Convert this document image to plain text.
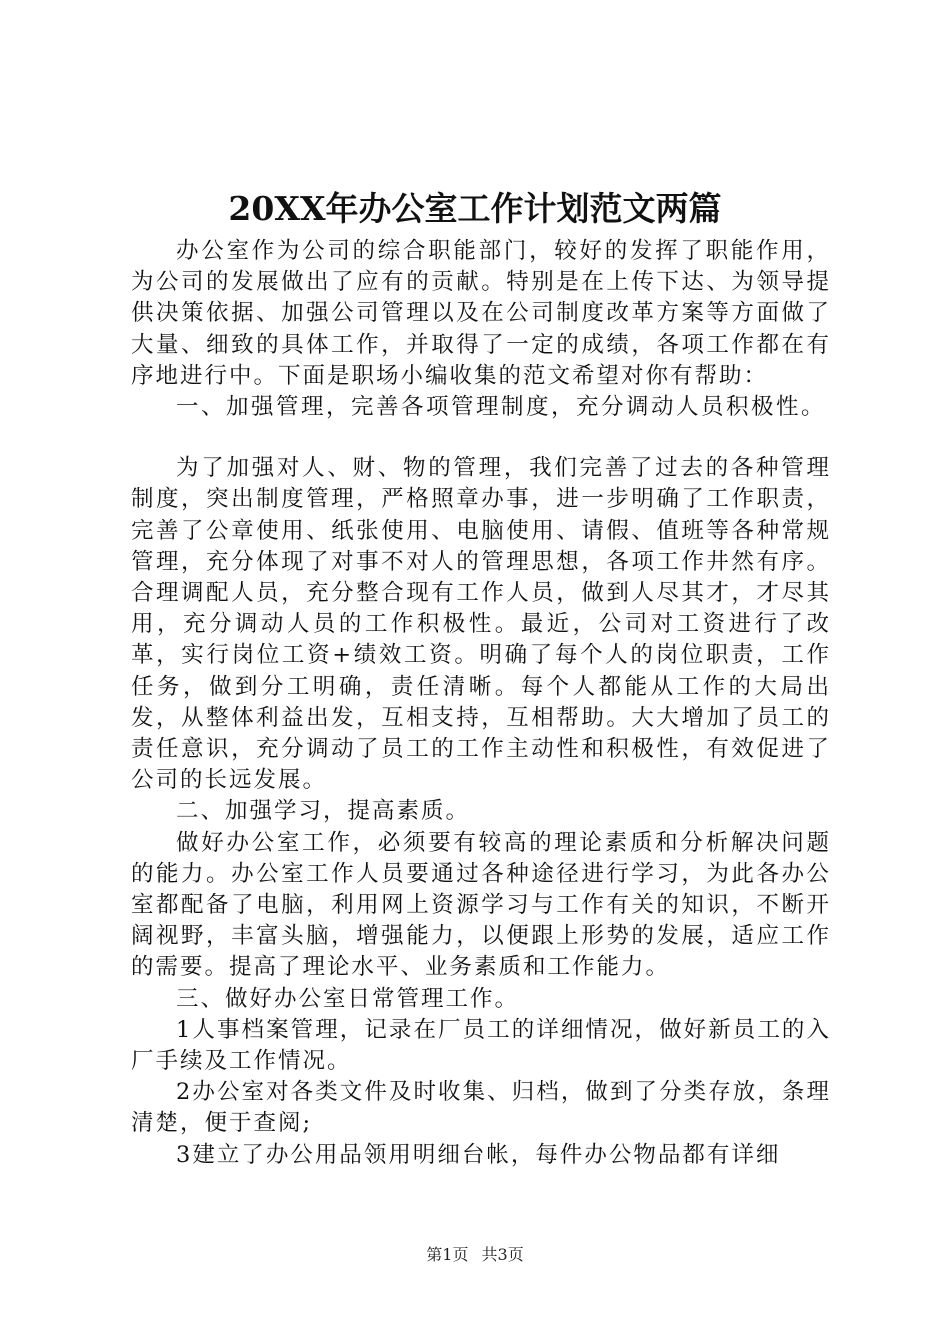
20XX年办公室工作计划范文两篇

办公室作为公司的综合职能部门，较好的发挥了职能作用，为公司的发展做出了应有的贡献。特别是在上传下达、为领导提供决策依据、加强公司管理以及在公司制度改革方案等方面做了大量、细致的具体工作，并取得了一定的成绩，各项工作都在有序地进行中。下面是职场小编收集的范文希望对你有帮助：

一、加强管理，完善各项管理制度，充分调动人员积极性。

为了加强对人、财、物的管理，我们完善了过去的各种管理制度，突出制度管理，严格照章办事，进一步明确了工作职责，完善了公章使用、纸张使用、电脑使用、请假、值班等各种常规管理，充分体现了对事不对人的管理思想，各项工作井然有序。合理调配人员，充分整合现有工作人员，做到人尽其才，才尽其用，充分调动人员的工作积极性。最近，公司对工资进行了改革，实行岗位工资+绩效工资。明确了每个人的岗位职责，工作任务，做到分工明确，责任清晰。每个人都能从工作的大局出发，从整体利益出发，互相支持，互相帮助。大大增加了员工的责任意识，充分调动了员工的工作主动性和积极性，有效促进了公司的长远发展。

二、加强学习，提高素质。

做好办公室工作，必须要有较高的理论素质和分析解决问题的能力。办公室工作人员要通过各种途径进行学习，为此各办公室都配备了电脑，利用网上资源学习与工作有关的知识，不断开阔视野，丰富头脑，增强能力，以便跟上形势的发展，适应工作的需要。提高了理论水平、业务素质和工作能力。

三、做好办公室日常管理工作。

1人事档案管理，记录在厂员工的详细情况，做好新员工的入厂手续及工作情况。

2办公室对各类文件及时收集、归档，做到了分类存放，条理清楚，便于查阅;

3建立了办公用品领用明细台帐，每件办公物品都有详细

第1页 共3页
